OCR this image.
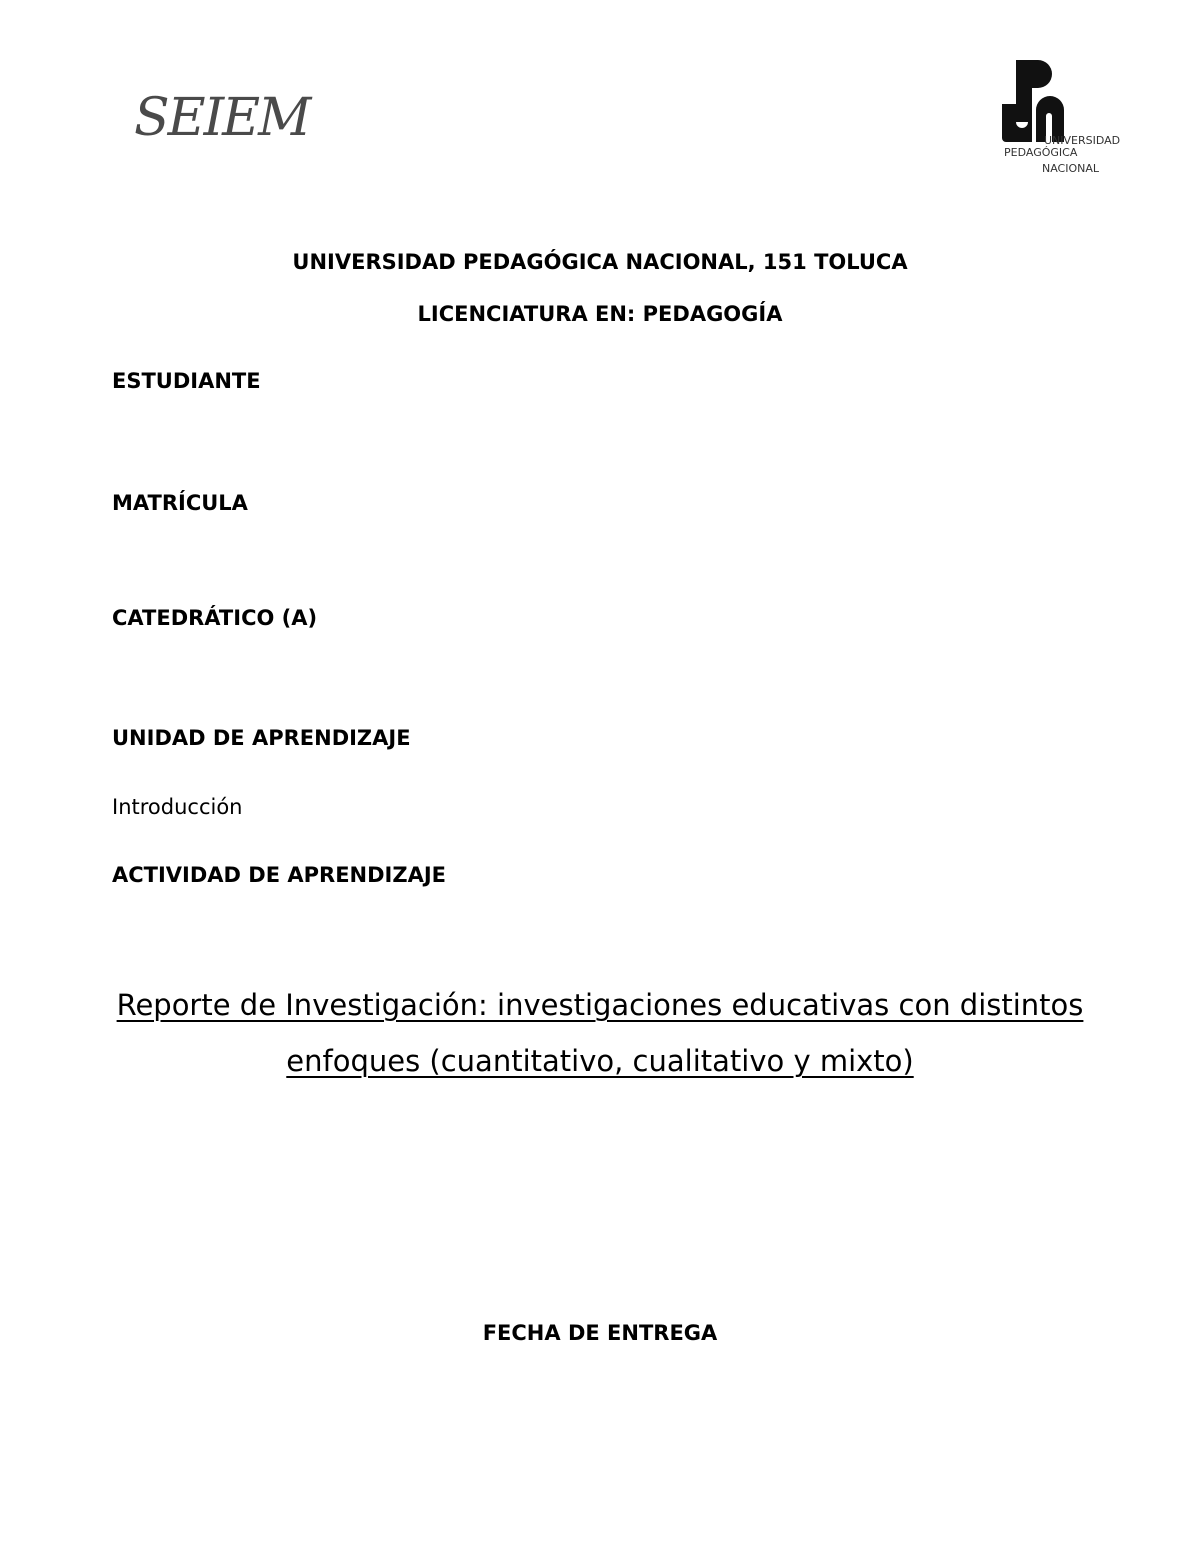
SEIEM	UNIVERSIDAD
PEDAGÓGICA
NACIONAL
UNIVERSIDAD PEDAGÓGICA NACIONAL, 151 TOLUCA
LICENCIATURA EN: PEDAGOGÍA
ESTUDIANTE
MATRÍCULA
CATEDRÁTICO (A)
UNIDAD DE APRENDIZAJE
Introducción
ACTIVIDAD DE APRENDIZAJE
Reporte de Investigación: investigaciones educativas con distintos enfoques (cuantitativo, cualitativo y mixto)
FECHA DE ENTREGA
